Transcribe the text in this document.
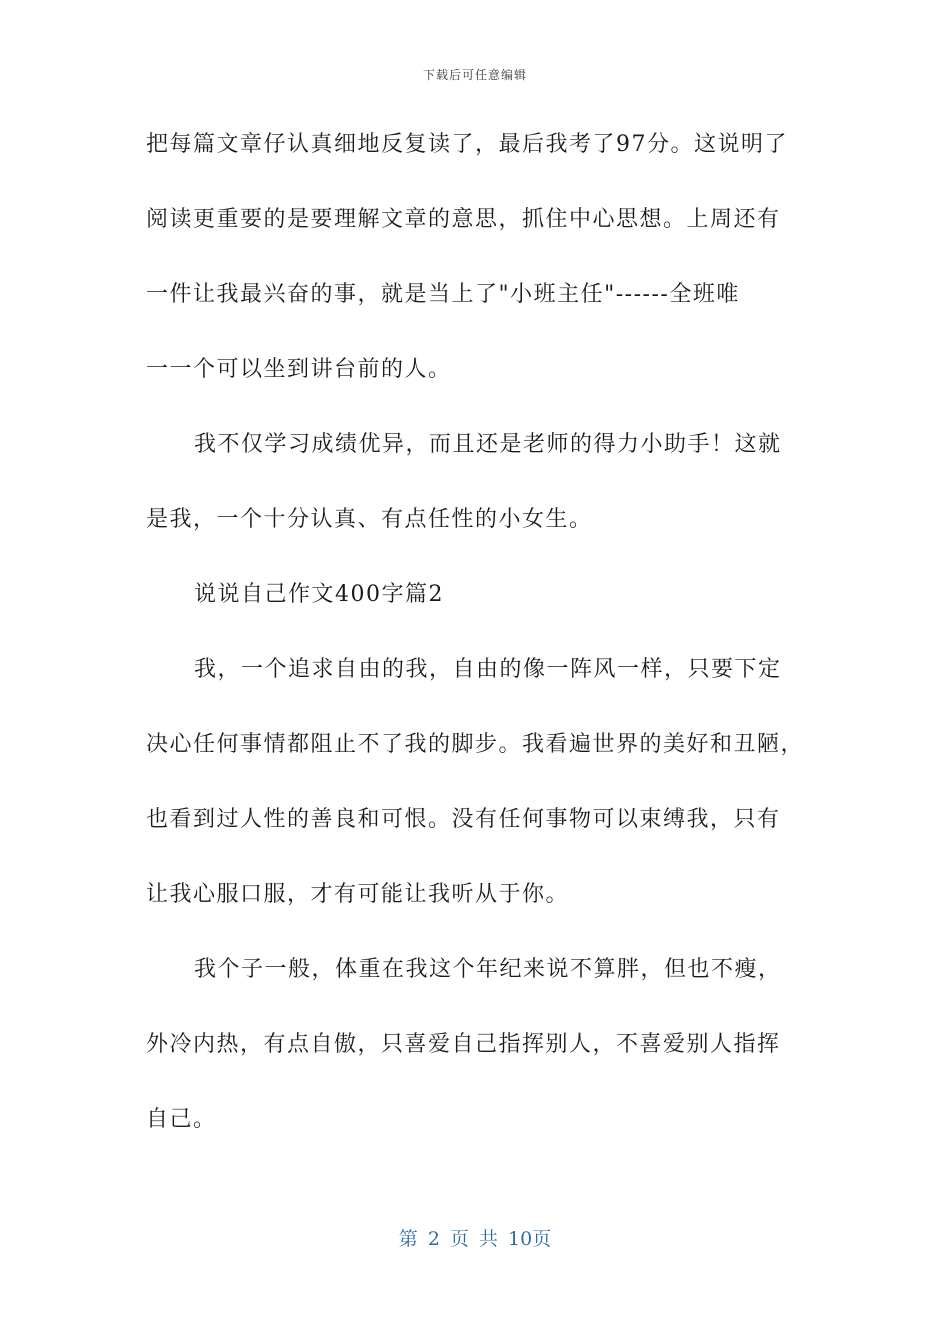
下载后可任意编辑
把每篇文章仔认真细地反复读了，最后我考了97分。这说明了
阅读更重要的是要理解文章的意思，抓住中心思想。上周还有
一件让我最兴奋的事，就是当上了"小班主任"------全班唯
一一个可以坐到讲台前的人。
我不仅学习成绩优异，而且还是老师的得力小助手！这就
是我，一个十分认真、有点任性的小女生。
说说自己作文400字篇2
我，一个追求自由的我，自由的像一阵风一样，只要下定
决心任何事情都阻止不了我的脚步。我看遍世界的美好和丑陋，
也看到过人性的善良和可恨。没有任何事物可以束缚我，只有
让我心服口服，才有可能让我听从于你。
我个子一般，体重在我这个年纪来说不算胖，但也不瘦，
外冷内热，有点自傲，只喜爱自己指挥别人，不喜爱别人指挥
自己。
第 2 页 共 10页
